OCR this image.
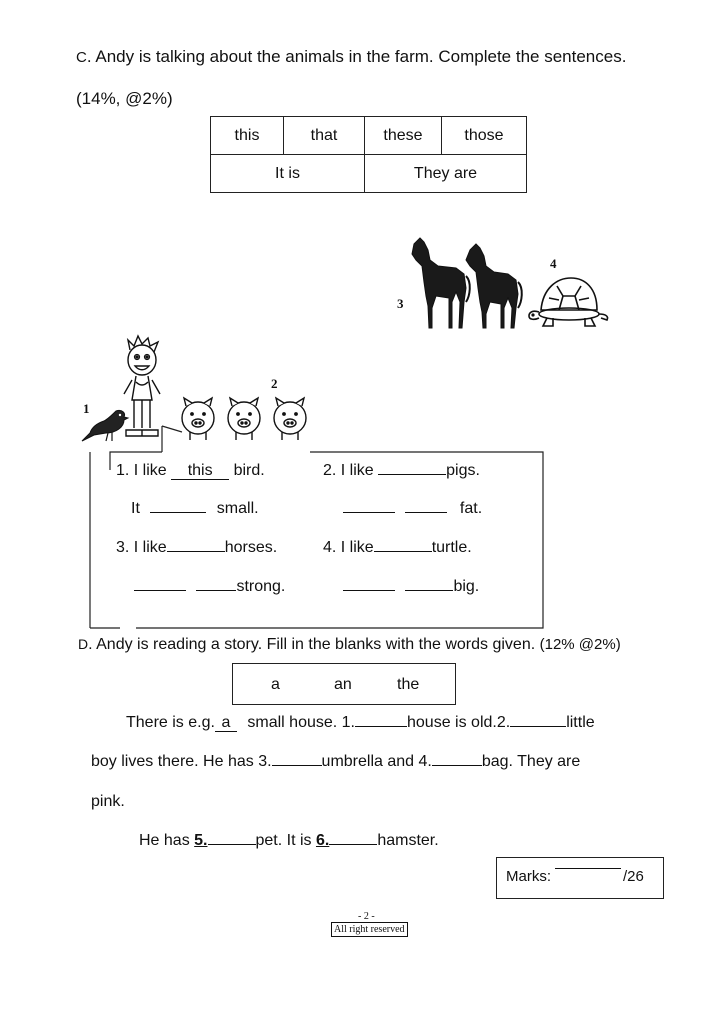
C. Andy is talking about the animals in the farm. Complete the sentences.
(14%, @2%)
this	that	these	those
It is		They are	
1
2
3
4
1. I like this bird.	2. I like	pigs.
It	small.	fat.
3. I like	horses.	4. I like	turtle.
strong.	big.
D. Andy is reading a story. Fill in the blanks with the words given. (12% @2%)
a	an	the
There is e.g. a small house. 1.	house is old.2.	little
boy lives there. He has 3.	umbrella and 4.	bag. They are
pink.
He has 5.	pet. It is 6.	hamster.
Marks:	/26
- 2 -
All right reserved
